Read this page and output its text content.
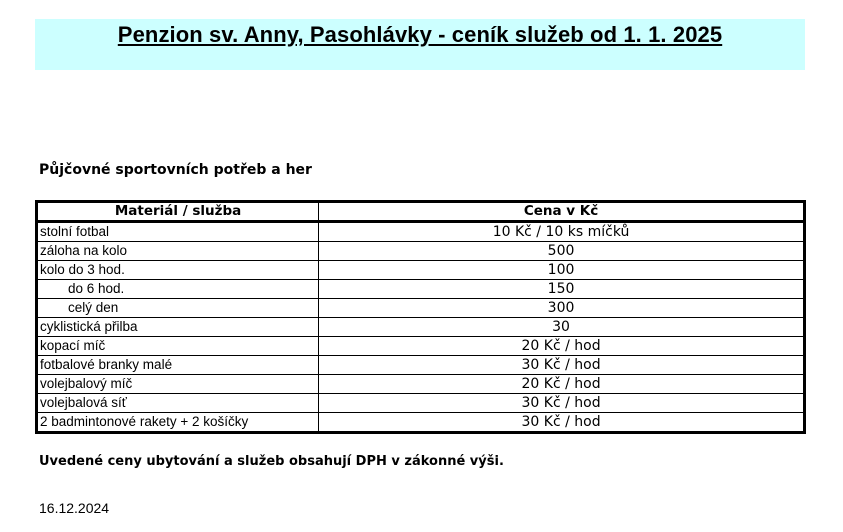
Penzion sv. Anny, Pasohlávky - ceník služeb od 1. 1. 2025
Půjčovné sportovních potřeb a her
Materiál / služba	Cena v Kč
stolní fotbal	10 Kč / 10 ks míčků
záloha na kolo	500
kolo do 3 hod.	100
do 6 hod.	150
celý den	300
cyklistická přilba	30
kopací míč	20 Kč / hod
fotbalové branky malé	30 Kč / hod
volejbalový míč	20 Kč / hod
volejbalová síť	30 Kč / hod
2 badmintonové rakety + 2 košíčky	30 Kč / hod
Uvedené ceny ubytování a služeb obsahují DPH v zákonné výši.
16.12.2024
